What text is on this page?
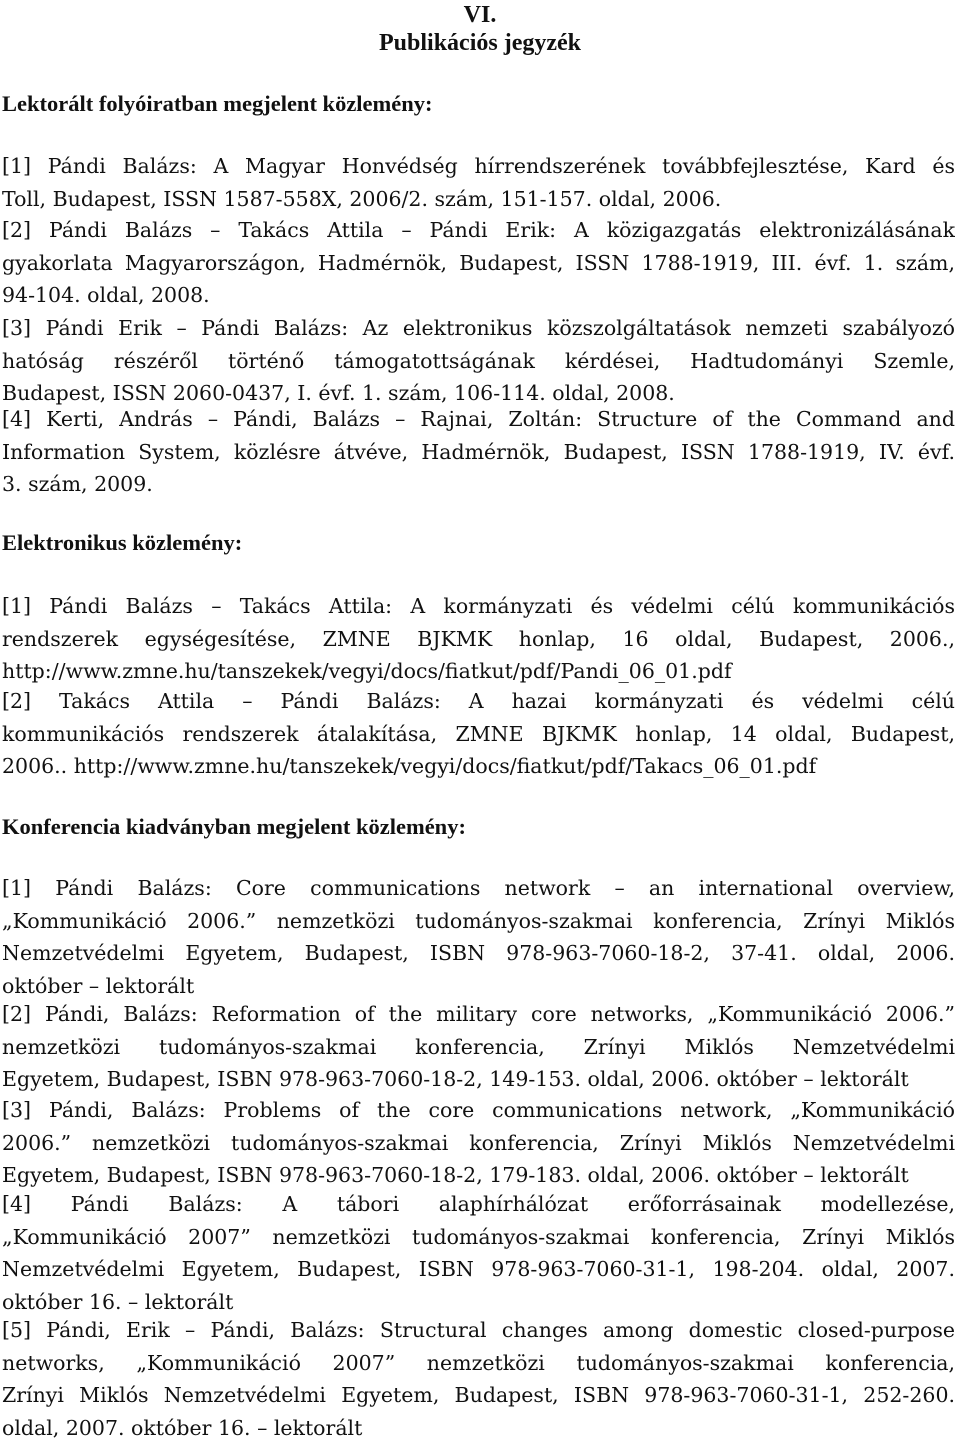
VI.
Publikációs jegyzék
Lektorált folyóiratban megjelent közlemény:
[1] Pándi Balázs: A Magyar Honvédség hírrendszerének továbbfejlesztése, Kard és
Toll, Budapest, ISSN 1587-558X, 2006/2. szám, 151-157. oldal, 2006.
[2] Pándi Balázs – Takács Attila – Pándi Erik: A közigazgatás elektronizálásának
gyakorlata Magyarországon, Hadmérnök, Budapest, ISSN 1788-1919, III. évf. 1. szám,
94-104. oldal, 2008.
[3] Pándi Erik – Pándi Balázs: Az elektronikus közszolgáltatások nemzeti szabályozó
hatóság részéről történő támogatottságának kérdései, Hadtudományi Szemle,
Budapest, ISSN 2060-0437, I. évf. 1. szám, 106-114. oldal, 2008.
[4] Kerti, András – Pándi, Balázs – Rajnai, Zoltán: Structure of the Command and
Information System, közlésre átvéve, Hadmérnök, Budapest, ISSN 1788-1919, IV. évf.
3. szám, 2009.
Elektronikus közlemény:
[1] Pándi Balázs – Takács Attila: A kormányzati és védelmi célú kommunikációs
rendszerek egységesítése, ZMNE BJKMK honlap, 16 oldal, Budapest, 2006.,
http://www.zmne.hu/tanszekek/vegyi/docs/fiatkut/pdf/Pandi_06_01.pdf
[2] Takács Attila – Pándi Balázs: A hazai kormányzati és védelmi célú
kommunikációs rendszerek átalakítása, ZMNE BJKMK honlap, 14 oldal, Budapest,
2006.. http://www.zmne.hu/tanszekek/vegyi/docs/fiatkut/pdf/Takacs_06_01.pdf
Konferencia kiadványban megjelent közlemény:
[1] Pándi Balázs: Core communications network – an international overview,
„Kommunikáció 2006.” nemzetközi tudományos-szakmai konferencia, Zrínyi Miklós
Nemzetvédelmi Egyetem, Budapest, ISBN 978-963-7060-18-2, 37-41. oldal, 2006.
október – lektorált
[2] Pándi, Balázs: Reformation of the military core networks, „Kommunikáció 2006.”
nemzetközi tudományos-szakmai konferencia, Zrínyi Miklós Nemzetvédelmi
Egyetem, Budapest, ISBN 978-963-7060-18-2, 149-153. oldal, 2006. október – lektorált
[3] Pándi, Balázs: Problems of the core communications network, „Kommunikáció
2006.” nemzetközi tudományos-szakmai konferencia, Zrínyi Miklós Nemzetvédelmi
Egyetem, Budapest, ISBN 978-963-7060-18-2, 179-183. oldal, 2006. október – lektorált
[4] Pándi Balázs: A tábori alaphírhálózat erőforrásainak modellezése,
„Kommunikáció 2007” nemzetközi tudományos-szakmai konferencia, Zrínyi Miklós
Nemzetvédelmi Egyetem, Budapest, ISBN 978-963-7060-31-1, 198-204. oldal, 2007.
október 16. – lektorált
[5] Pándi, Erik – Pándi, Balázs: Structural changes among domestic closed-purpose
networks, „Kommunikáció 2007” nemzetközi tudományos-szakmai konferencia,
Zrínyi Miklós Nemzetvédelmi Egyetem, Budapest, ISBN 978-963-7060-31-1, 252-260.
oldal, 2007. október 16. – lektorált
